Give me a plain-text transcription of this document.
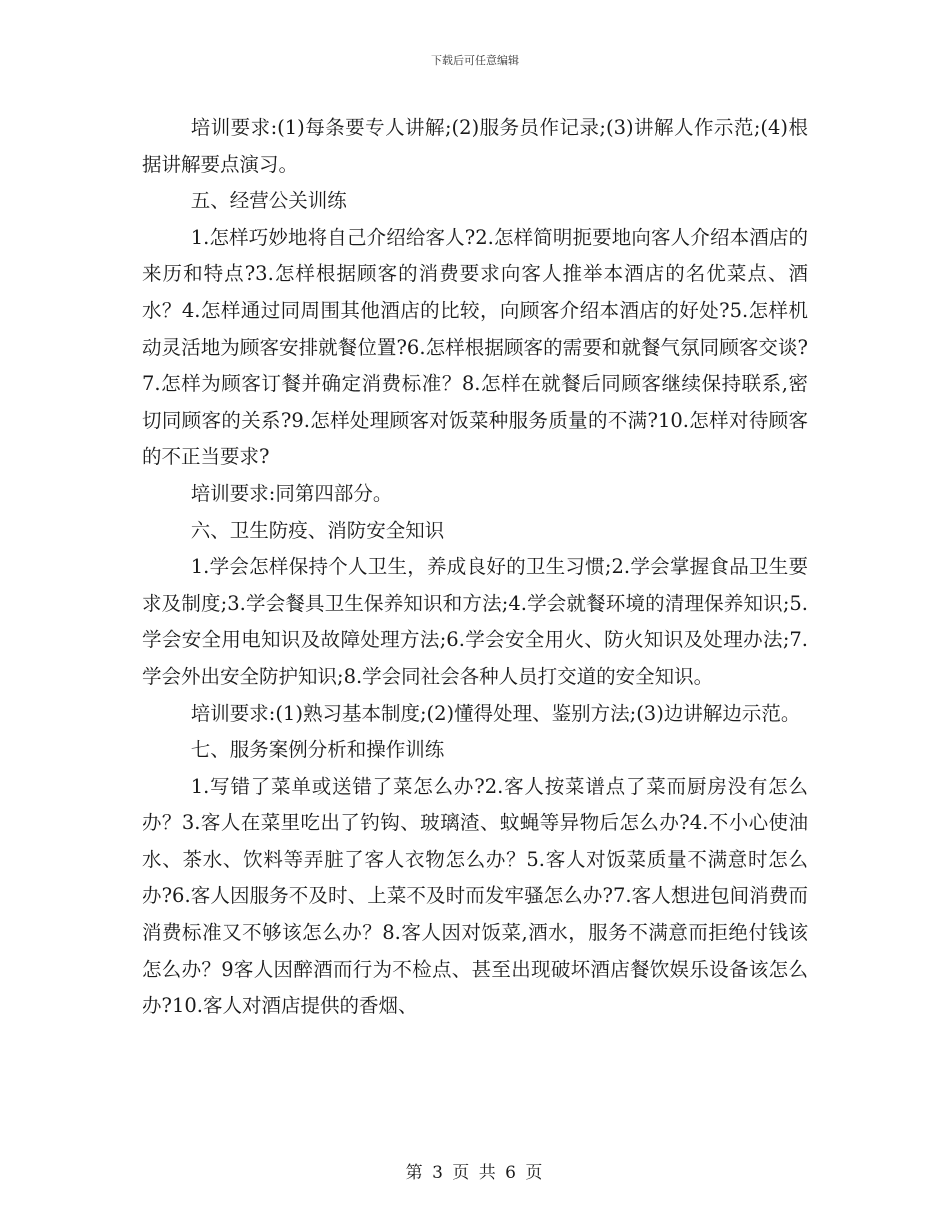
下载后可任意编辑

培训要求:(1)每条要专人讲解;(2)服务员作记录;(3)讲解人作示范;(4)根据讲解要点演习。

五、经营公关训练

1.怎样巧妙地将自己介绍给客人?2.怎样简明扼要地向客人介绍本酒店的来历和特点?3.怎样根据顾客的消费要求向客人推举本酒店的名优菜点、酒水？4.怎样通过同周围其他酒店的比较，向顾客介绍本酒店的好处?5.怎样机动灵活地为顾客安排就餐位置?6.怎样根据顾客的需要和就餐气氛同顾客交谈?7.怎样为顾客订餐并确定消费标准？8.怎样在就餐后同顾客继续保持联系,密切同顾客的关系?9.怎样处理顾客对饭菜种服务质量的不满?10.怎样对待顾客的不正当要求?

培训要求:同第四部分。

六、卫生防疫、消防安全知识

1.学会怎样保持个人卫生，养成良好的卫生习惯;2.学会掌握食品卫生要求及制度;3.学会餐具卫生保养知识和方法;4.学会就餐环境的清理保养知识;5.学会安全用电知识及故障处理方法;6.学会安全用火、防火知识及处理办法;7.学会外出安全防护知识;8.学会同社会各种人员打交道的安全知识。

培训要求:(1)熟习基本制度;(2)懂得处理、鉴别方法;(3)边讲解边示范。

七、服务案例分析和操作训练

1.写错了菜单或送错了菜怎么办?2.客人按菜谱点了菜而厨房没有怎么办？3.客人在菜里吃出了钓钩、玻璃渣、蚊蝇等异物后怎么办?4.不小心使油水、茶水、饮料等弄脏了客人衣物怎么办？5.客人对饭菜质量不满意时怎么办?6.客人因服务不及时、上菜不及时而发牢骚怎么办?7.客人想进包间消费而消费标准又不够该怎么办？8.客人因对饭菜,酒水，服务不满意而拒绝付钱该怎么办？9客人因醉酒而行为不检点、甚至出现破坏酒店餐饮娱乐设备该怎么办?10.客人对酒店提供的香烟、

第 3 页 共 6 页
